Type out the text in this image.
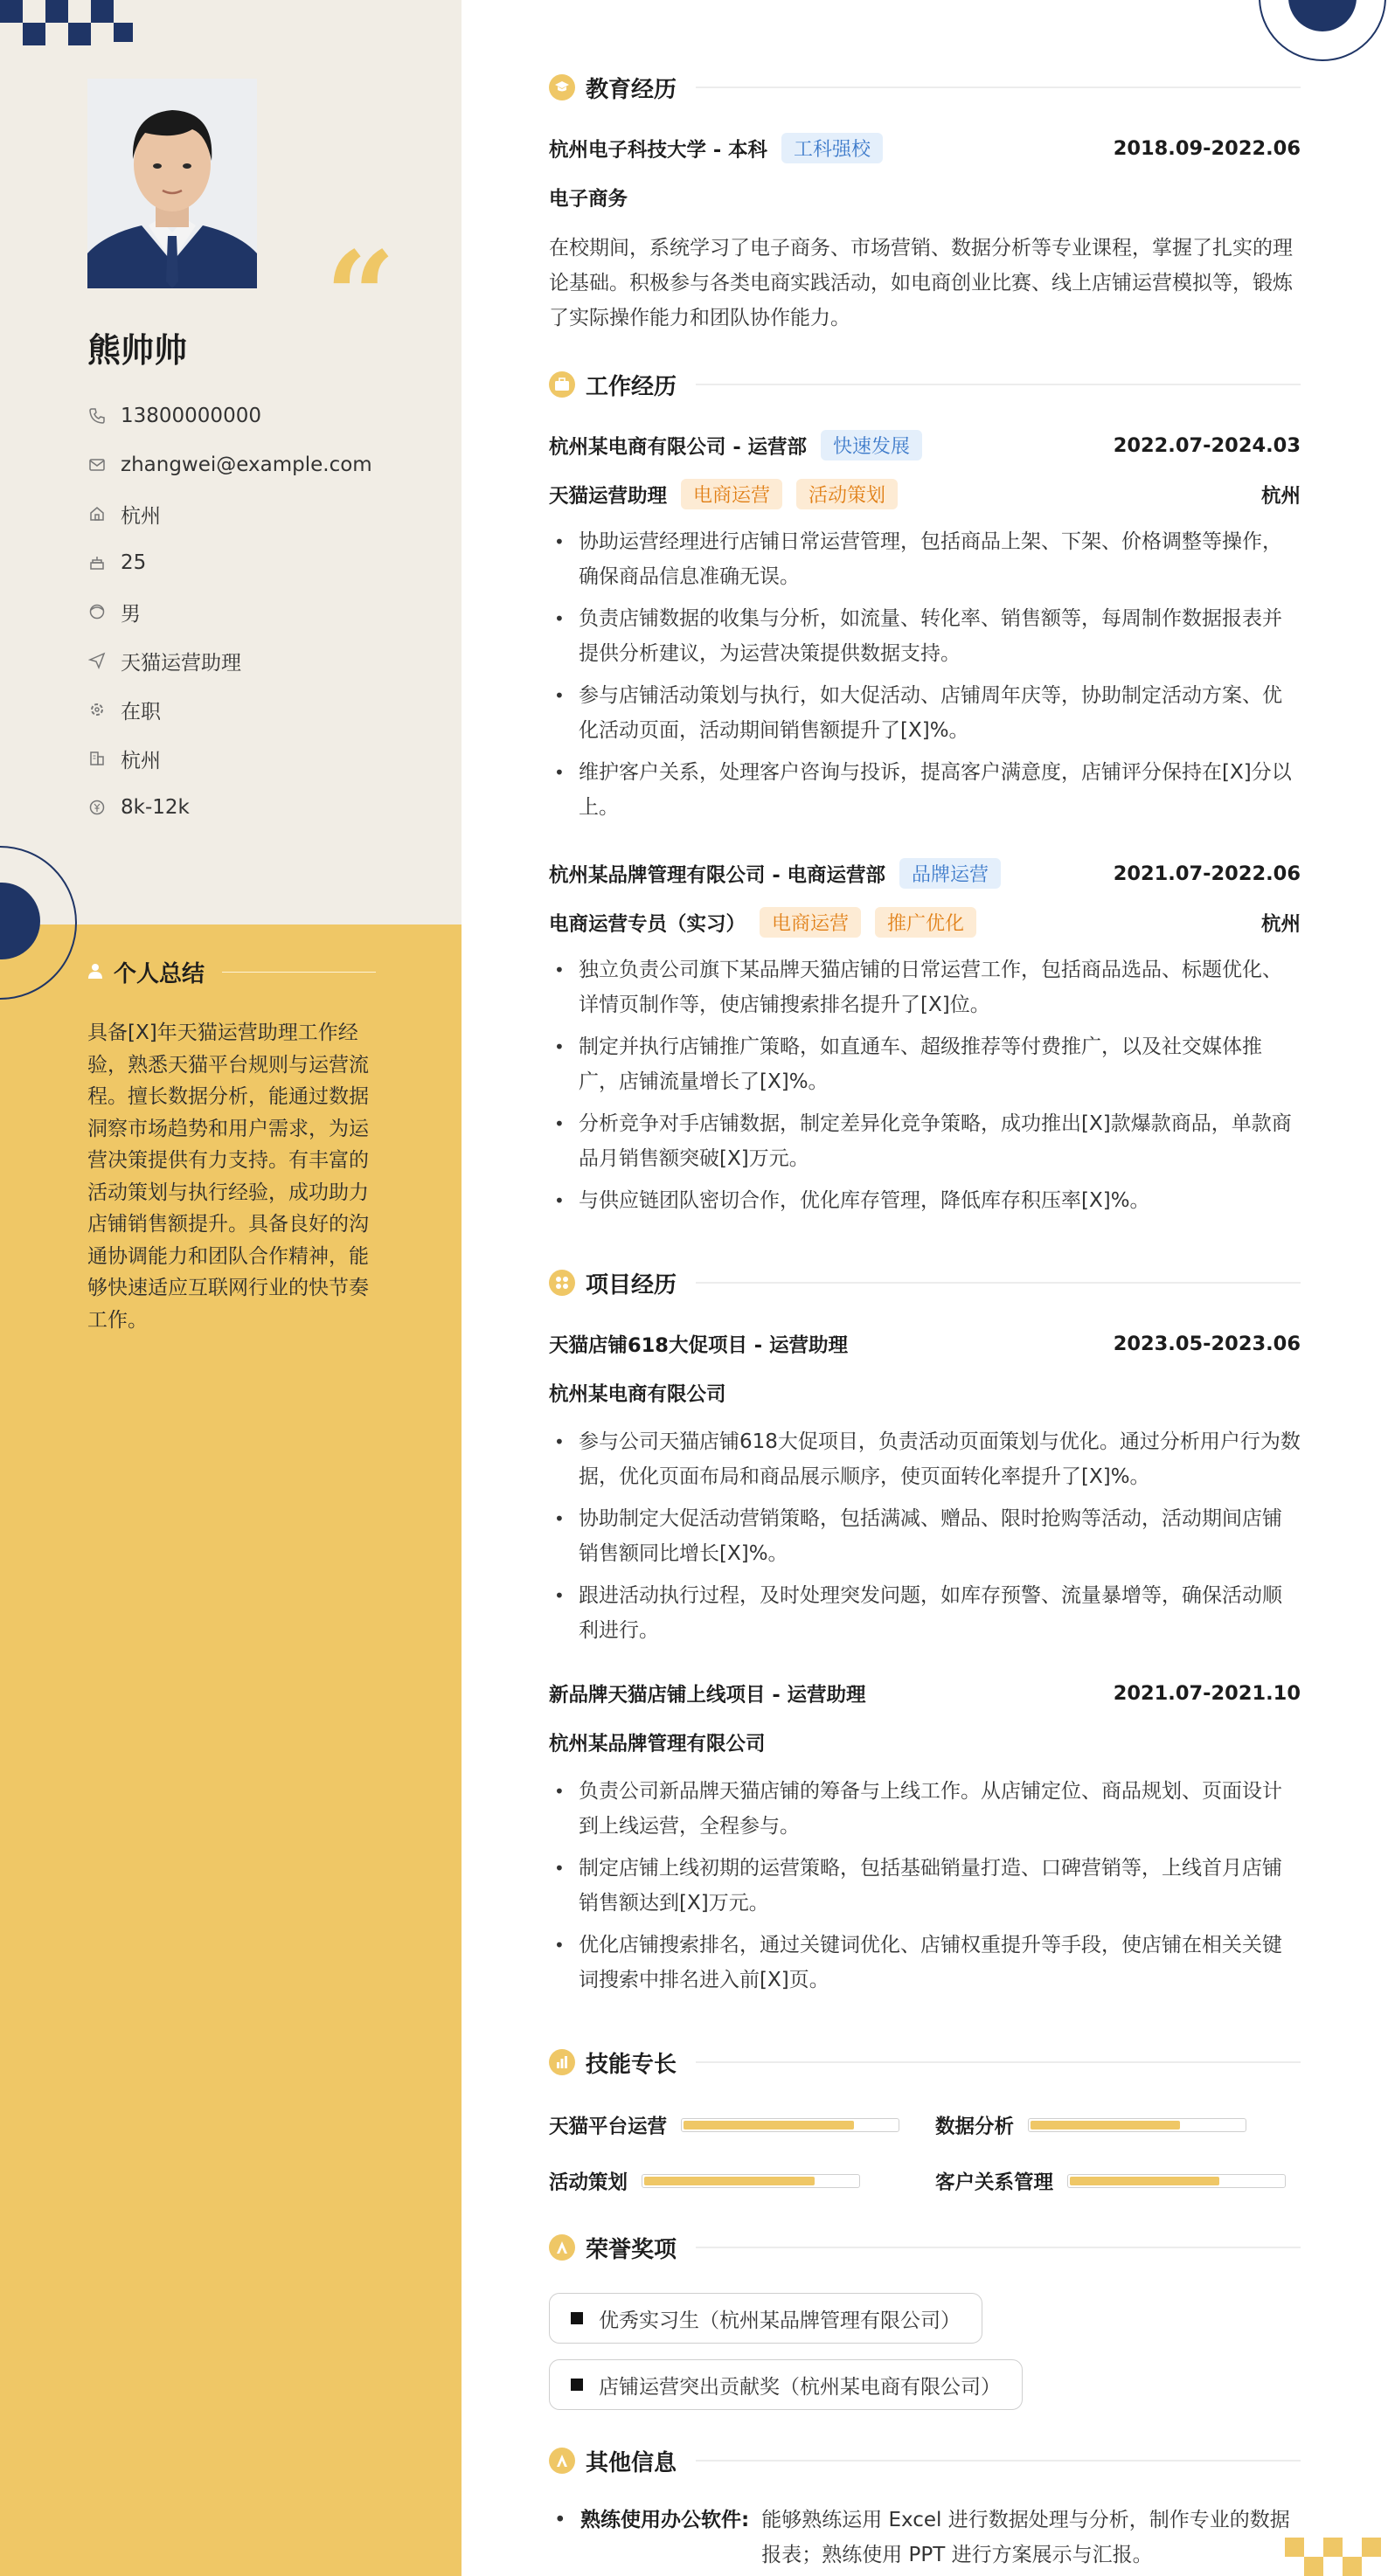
“
熊帅帅
13800000000
zhangwei@example.com
杭州
25
男
天猫运营助理
在职
杭州
8k-12k
个人总结
具备[X]年天猫运营助理工作经验，熟悉天猫平台规则与运营流程。擅长数据分析，能通过数据洞察市场趋势和用户需求，为运营决策提供有力支持。有丰富的活动策划与执行经验，成功助力店铺销售额提升。具备良好的沟通协调能力和团队合作精神，能够快速适应互联网行业的快节奏工作。
教育经历
杭州电子科技大学 - 本科	工科强校	2018.09-2022.06
电子商务
在校期间，系统学习了电子商务、市场营销、数据分析等专业课程，掌握了扎实的理论基础。积极参与各类电商实践活动，如电商创业比赛、线上店铺运营模拟等，锻炼了实际操作能力和团队协作能力。
工作经历
杭州某电商有限公司 - 运营部	快速发展	2022.07-2024.03
天猫运营助理	电商运营	活动策划	杭州
• 协助运营经理进行店铺日常运营管理，包括商品上架、下架、价格调整等操作，确保商品信息准确无误。
• 负责店铺数据的收集与分析，如流量、转化率、销售额等，每周制作数据报表并提供分析建议，为运营决策提供数据支持。
• 参与店铺活动策划与执行，如大促活动、店铺周年庆等，协助制定活动方案、优化活动页面，活动期间销售额提升了[X]%。
• 维护客户关系，处理客户咨询与投诉，提高客户满意度，店铺评分保持在[X]分以上。
杭州某品牌管理有限公司 - 电商运营部	品牌运营	2021.07-2022.06
电商运营专员（实习）	电商运营	推广优化	杭州
• 独立负责公司旗下某品牌天猫店铺的日常运营工作，包括商品选品、标题优化、详情页制作等，使店铺搜索排名提升了[X]位。
• 制定并执行店铺推广策略，如直通车、超级推荐等付费推广，以及社交媒体推广，店铺流量增长了[X]%。
• 分析竞争对手店铺数据，制定差异化竞争策略，成功推出[X]款爆款商品，单款商品月销售额突破[X]万元。
• 与供应链团队密切合作，优化库存管理，降低库存积压率[X]%。
项目经历
天猫店铺618大促项目 - 运营助理	2023.05-2023.06
杭州某电商有限公司
• 参与公司天猫店铺618大促项目，负责活动页面策划与优化。通过分析用户行为数据，优化页面布局和商品展示顺序，使页面转化率提升了[X]%。
• 协助制定大促活动营销策略，包括满减、赠品、限时抢购等活动，活动期间店铺销售额同比增长[X]%。
• 跟进活动执行过程，及时处理突发问题，如库存预警、流量暴增等，确保活动顺利进行。
新品牌天猫店铺上线项目 - 运营助理	2021.07-2021.10
杭州某品牌管理有限公司
• 负责公司新品牌天猫店铺的筹备与上线工作。从店铺定位、商品规划、页面设计到上线运营，全程参与。
• 制定店铺上线初期的运营策略，包括基础销量打造、口碑营销等，上线首月店铺销售额达到[X]万元。
• 优化店铺搜索排名，通过关键词优化、店铺权重提升等手段，使店铺在相关关键词搜索中排名进入前[X]页。
技能专长
天猫平台运营	数据分析
活动策划	客户关系管理
荣誉奖项
优秀实习生（杭州某品牌管理有限公司）
店铺运营突出贡献奖（杭州某电商有限公司）
其他信息
• 熟练使用办公软件: 能够熟练运用 Excel 进行数据处理与分析，制作专业的数据报表；熟练使用 PPT 进行方案展示与汇报。
